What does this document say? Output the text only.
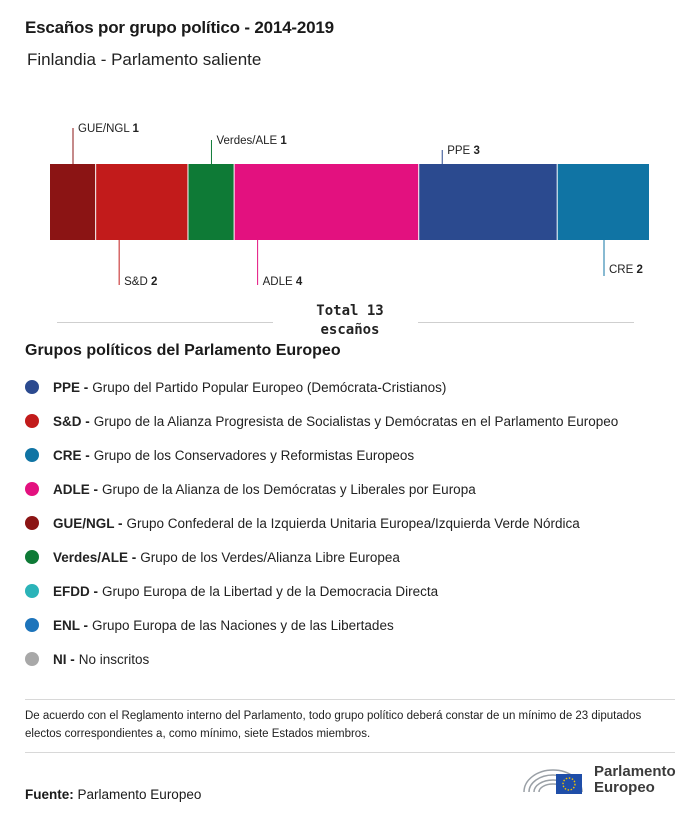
Escaños por grupo político - 2014-2019
Finlandia - Parlamento saliente
GUE/NGL 1
S&D 2
Verdes/ALE 1
ADLE 4
PPE 3
CRE 2
Total 13
escaños
Grupos políticos del Parlamento Europeo
PPE - Grupo del Partido Popular Europeo (Demócrata-Cristianos)
S&D - Grupo de la Alianza Progresista de Socialistas y Demócratas en el Parlamento Europeo
CRE - Grupo de los Conservadores y Reformistas Europeos
ADLE - Grupo de la Alianza de los Demócratas y Liberales por Europa
GUE/NGL - Grupo Confederal de la Izquierda Unitaria Europea/Izquierda Verde Nórdica
Verdes/ALE - Grupo de los Verdes/Alianza Libre Europea
EFDD - Grupo Europa de la Libertad y de la Democracia Directa
ENL - Grupo Europa de las Naciones y de las Libertades
NI - No inscritos
De acuerdo con el Reglamento interno del Parlamento, todo grupo político deberá constar de un mínimo de 23 diputados electos correspondientes a, como mínimo, siete Estados miembros.
Fuente: Parlamento Europeo
Parlamento
Europeo
